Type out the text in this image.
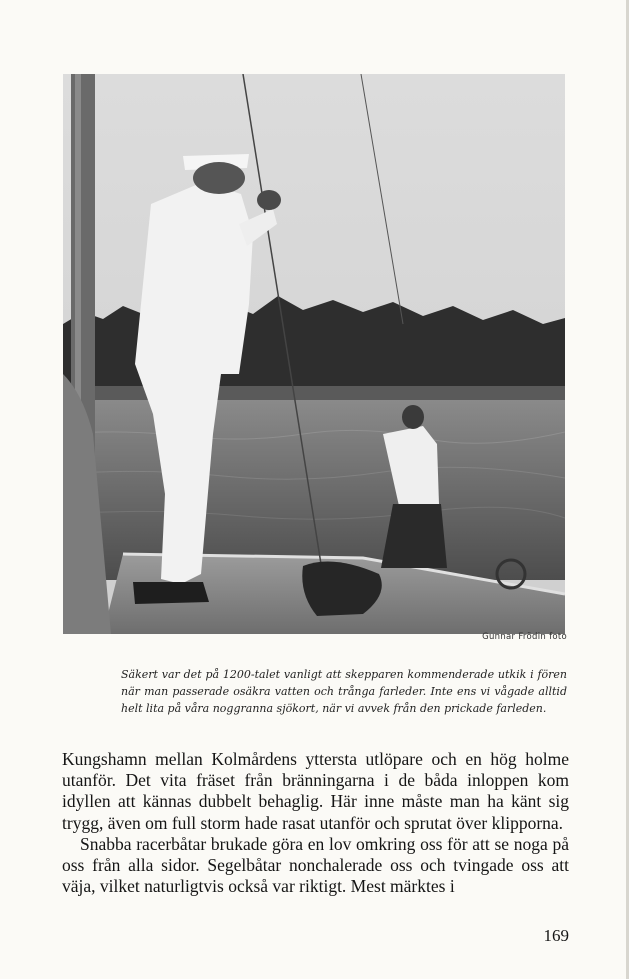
Gunnar Frödin foto
Säkert var det på 1200-talet vanligt att skepparen kommenderade utkik i fören när man passerade osäkra vatten och trånga farleder. Inte ens vi vågade alltid helt lita på våra noggranna sjökort, när vi avvek från den prickade farleden.

Kungshamn mellan Kolmårdens yttersta utlöpare och en hög holme utanför. Det vita fräset från bränningarna i de båda inloppen kom idyllen att kännas dubbelt behaglig. Här inne måste man ha känt sig trygg, även om full storm hade rasat utanför och sprutat över klipporna.

Snabba racerbåtar brukade göra en lov omkring oss för att se noga på oss från alla sidor. Segelbåtar nonchalerade oss och tvingade oss att väja, vilket naturligtvis också var riktigt. Mest märktes i

169
